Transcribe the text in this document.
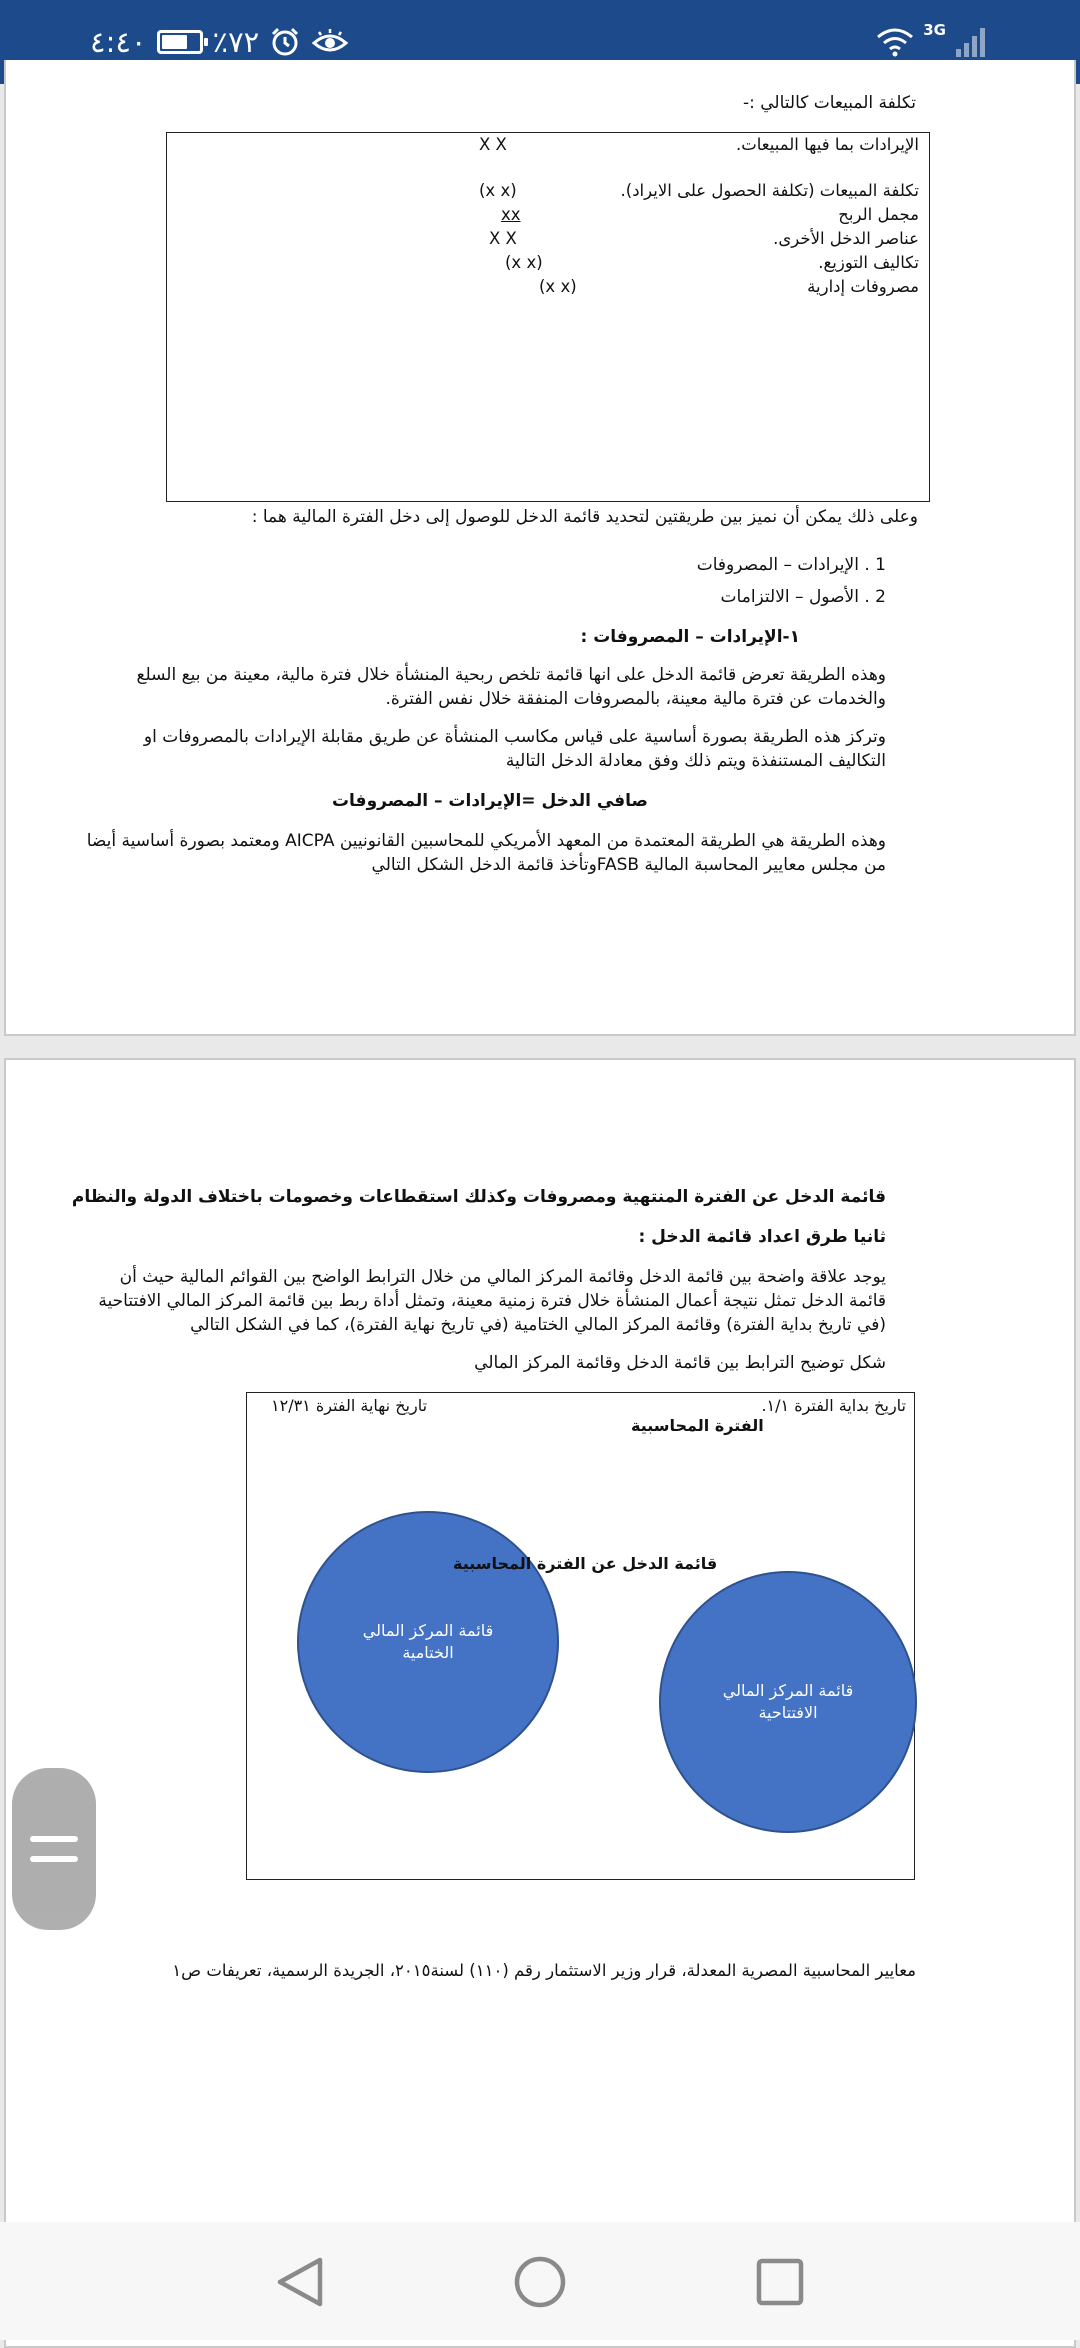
٤:٤٠ ٪٧٢	3G
تكلفة المبيعات كالتالي :-
الإيرادات بما فيها المبيعات.
X X
تكلفة المبيعات (تكلفة الحصول على الايراد).
(x x)
مجمل الربح
xx
عناصر الدخل الأخرى.
X X
تكاليف التوزيع.
(x x)
مصروفات إدارية
(x x)
وعلى ذلك يمكن أن نميز بين طريقتين لتحديد قائمة الدخل للوصول إلى دخل الفترة المالية هما :
1 . الإيرادات – المصروفات
2 . الأصول – الالتزامات
١-الإيرادات – المصروفات :
وهذه الطريقة تعرض قائمة الدخل على انها قائمة تلخص ربحية المنشأة خلال فترة مالية، معينة من بيع السلع
والخدمات عن فترة مالية معينة، بالمصروفات المنفقة خلال نفس الفترة.
وتركز هذه الطريقة بصورة أساسية على قياس مكاسب المنشأة عن طريق مقابلة الإيرادات بالمصروفات او
التكاليف المستنفذة ويتم ذلك وفق معادلة الدخل التالية
صافي الدخل =الإيرادات – المصروفات
وهذه الطريقة هي الطريقة المعتمدة من المعهد الأمريكي للمحاسبين القانونيين AICPA ومعتمد بصورة أساسية أيضا
من مجلس معايير المحاسبة المالية FASBوتأخذ قائمة الدخل الشكل التالي
قائمة الدخل عن الفترة المنتهية ومصروفات وكذلك استقطاعات وخصومات باختلاف الدولة والنظام
ثانيا طرق اعداد قائمة الدخل :
يوجد علاقة واضحة بين قائمة الدخل وقائمة المركز المالي من خلال الترابط الواضح بين القوائم المالية حيث أن
قائمة الدخل تمثل نتيجة أعمال المنشأة خلال فترة زمنية معينة، وتمثل أداة ربط بين قائمة المركز المالي الافتتاحية
(في تاريخ بداية الفترة) وقائمة المركز المالي الختامية (في تاريخ نهاية الفترة)، كما في الشكل التالي
شكل توضيح الترابط بين قائمة الدخل وقائمة المركز المالي
تاريخ بداية الفترة ١/١.
تاريخ نهاية الفترة ١٢/٣١
الفترة المحاسبية
قائمة المركز المالي الختامية
قائمة المركز المالي الافتتاحية
قائمة الدخل عن الفترة المحاسبية
معايير المحاسبية المصرية المعدلة، قرار وزير الاستثمار رقم (١١٠) لسنة٢٠١٥، الجريدة الرسمية، تعريفات ص١
